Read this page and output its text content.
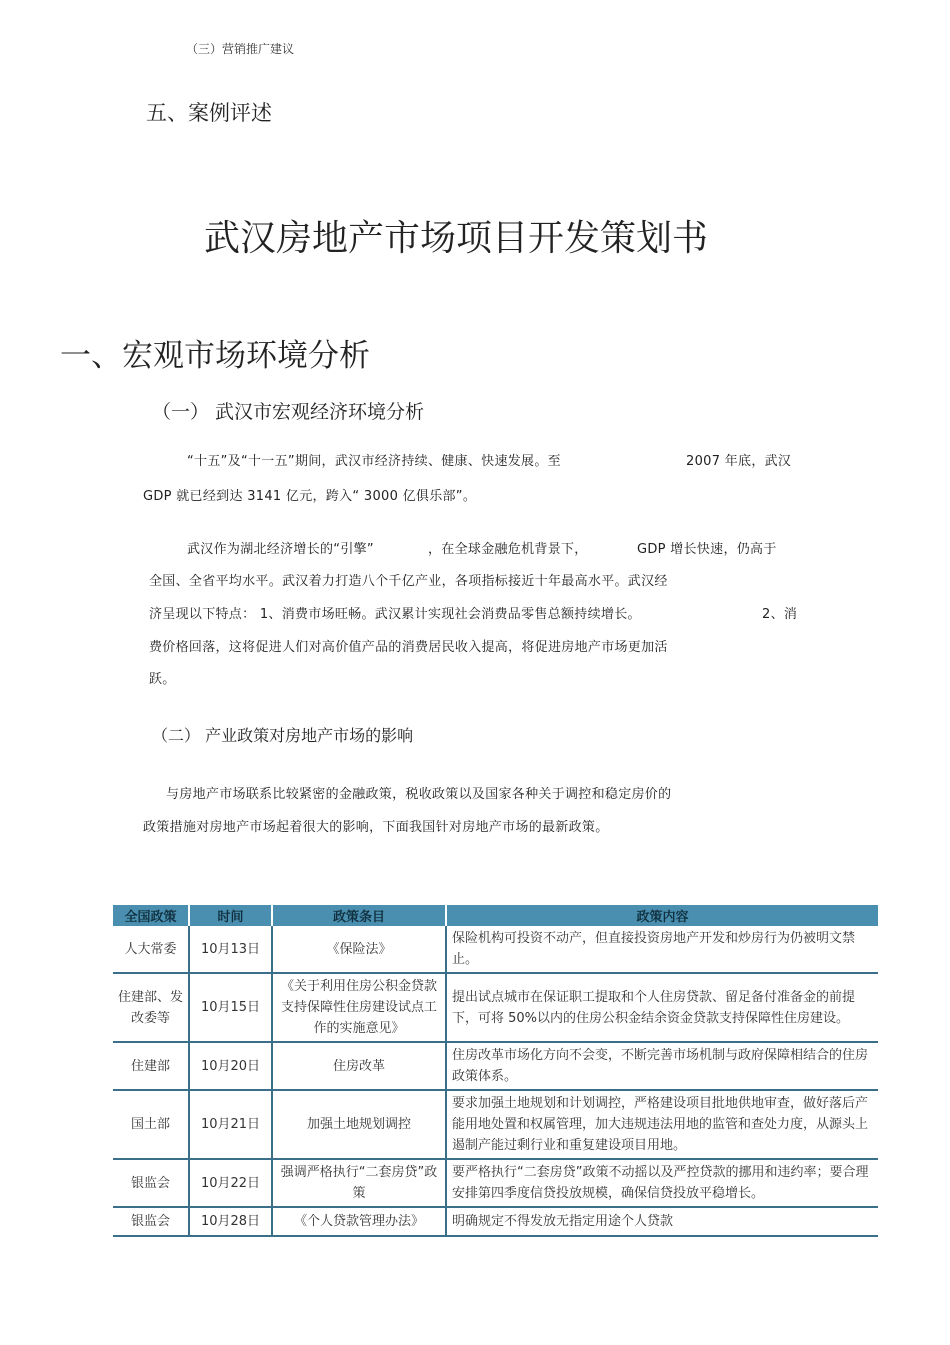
（三）营销推广建议
五、案例评述
武汉房地产市场项目开发策划书
一、宏观市场环境分析
（一） 武汉市宏观经济环境分析
“十五”及“十一五”期间，武汉市经济持续、健康、快速发展。至	2007 年底，武汉
GDP 就已经到达 3141 亿元，跨入“ 3000 亿俱乐部”。
武汉作为湖北经济增长的“引擎”	，在全球金融危机背景下，	GDP 增长快速，仍高于
全国、全省平均水平。武汉着力打造八个千亿产业，各项指标接近十年最高水平。武汉经
济呈现以下特点： 1、消费市场旺畅。武汉累计实现社会消费品零售总额持续增长。	2、消
费价格回落，这将促进人们对高价值产品的消费居民收入提高，将促进房地产市场更加活
跃。
（二） 产业政策对房地产市场的影响
与房地产市场联系比较紧密的金融政策，税收政策以及国家各种关于调控和稳定房价的
政策措施对房地产市场起着很大的影响，下面我国针对房地产市场的最新政策。
全国政策	时间	政策条目	政策内容
人大常委	10月13日	《保险法》	保险机构可投资不动产，但直接投资房地产开发和炒房行为仍被明文禁止。
住建部、发改委等	10月15日	《关于利用住房公积金贷款支持保障性住房建设试点工作的实施意见》	提出试点城市在保证职工提取和个人住房贷款、留足备付准备金的前提下，可将 50%以内的住房公积金结余资金贷款支持保障性住房建设。
住建部	10月20日	住房改革	住房改革市场化方向不会变，不断完善市场机制与政府保障相结合的住房政策体系。
国土部	10月21日	加强土地规划调控	要求加强土地规划和计划调控，严格建设项目批地供地审查，做好落后产能用地处置和权属管理，加大违规违法用地的监管和查处力度，从源头上遏制产能过剩行业和重复建设项目用地。
银监会	10月22日	强调严格执行“二套房贷”政策	要严格执行“二套房贷”政策不动摇以及严控贷款的挪用和违约率；要合理安排第四季度信贷投放规模，确保信贷投放平稳增长。
银监会	10月28日	《个人贷款管理办法》	明确规定不得发放无指定用途个人贷款
